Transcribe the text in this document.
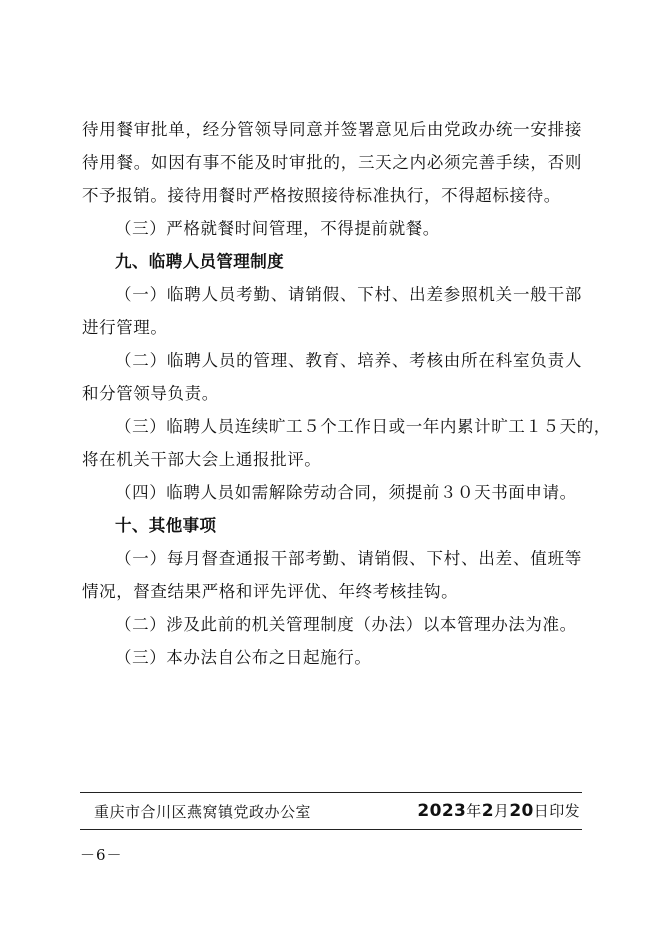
待用餐审批单，经分管领导同意并签署意见后由党政办统一安排接
待用餐。如因有事不能及时审批的，三天之内必须完善手续，否则
不予报销。接待用餐时严格按照接待标准执行，不得超标接待。
（三）严格就餐时间管理，不得提前就餐。
九、临聘人员管理制度
（一）临聘人员考勤、请销假、下村、出差参照机关一般干部
进行管理。
（二）临聘人员的管理、教育、培养、考核由所在科室负责人
和分管领导负责。
（三）临聘人员连续旷工５个工作日或一年内累计旷工１５天的，
将在机关干部大会上通报批评。
（四）临聘人员如需解除劳动合同，须提前３０天书面申请。
十、其他事项
（一）每月督查通报干部考勤、请销假、下村、出差、值班等
情况，督查结果严格和评先评优、年终考核挂钩。
（二）涉及此前的机关管理制度（办法）以本管理办法为准。
（三）本办法自公布之日起施行。
重庆市合川区燕窝镇党政办公室	2023年2月20日印发
－6－
